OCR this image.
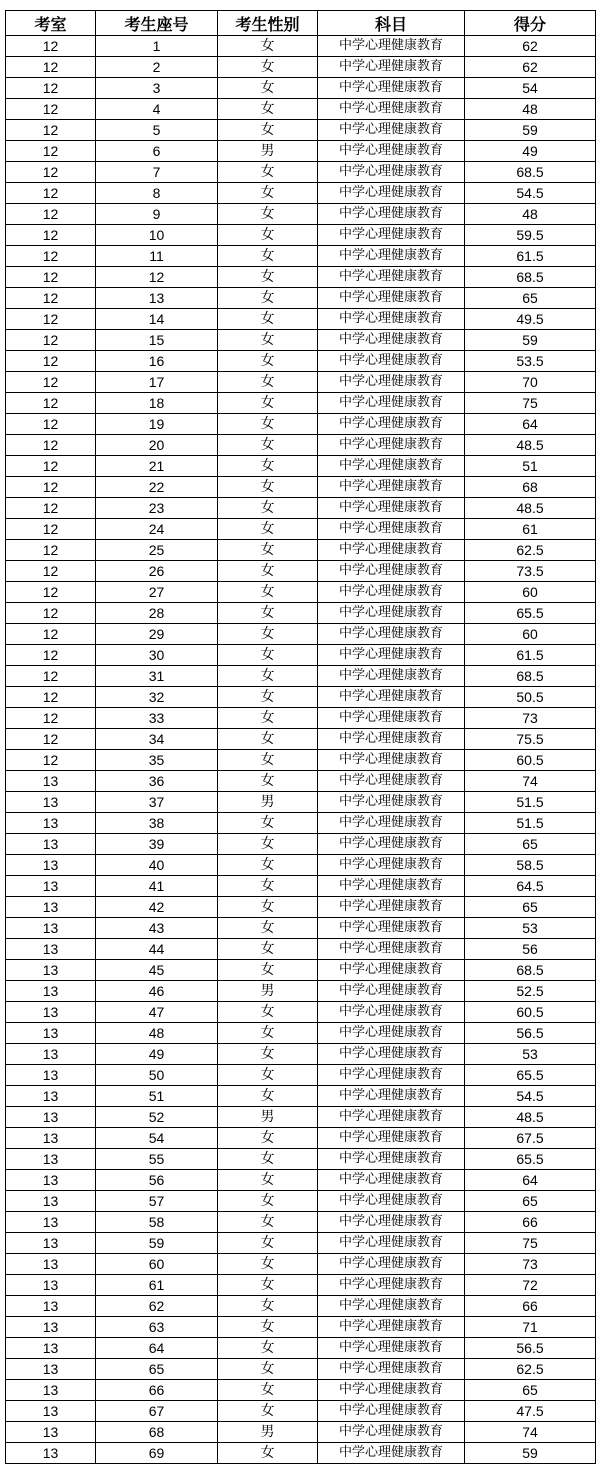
考室	考生座号	考生性别	科目	得分
12	1	女	中学心理健康教育	62
12	2	女	中学心理健康教育	62
12	3	女	中学心理健康教育	54
12	4	女	中学心理健康教育	48
12	5	女	中学心理健康教育	59
12	6	男	中学心理健康教育	49
12	7	女	中学心理健康教育	68.5
12	8	女	中学心理健康教育	54.5
12	9	女	中学心理健康教育	48
12	10	女	中学心理健康教育	59.5
12	11	女	中学心理健康教育	61.5
12	12	女	中学心理健康教育	68.5
12	13	女	中学心理健康教育	65
12	14	女	中学心理健康教育	49.5
12	15	女	中学心理健康教育	59
12	16	女	中学心理健康教育	53.5
12	17	女	中学心理健康教育	70
12	18	女	中学心理健康教育	75
12	19	女	中学心理健康教育	64
12	20	女	中学心理健康教育	48.5
12	21	女	中学心理健康教育	51
12	22	女	中学心理健康教育	68
12	23	女	中学心理健康教育	48.5
12	24	女	中学心理健康教育	61
12	25	女	中学心理健康教育	62.5
12	26	女	中学心理健康教育	73.5
12	27	女	中学心理健康教育	60
12	28	女	中学心理健康教育	65.5
12	29	女	中学心理健康教育	60
12	30	女	中学心理健康教育	61.5
12	31	女	中学心理健康教育	68.5
12	32	女	中学心理健康教育	50.5
12	33	女	中学心理健康教育	73
12	34	女	中学心理健康教育	75.5
12	35	女	中学心理健康教育	60.5
13	36	女	中学心理健康教育	74
13	37	男	中学心理健康教育	51.5
13	38	女	中学心理健康教育	51.5
13	39	女	中学心理健康教育	65
13	40	女	中学心理健康教育	58.5
13	41	女	中学心理健康教育	64.5
13	42	女	中学心理健康教育	65
13	43	女	中学心理健康教育	53
13	44	女	中学心理健康教育	56
13	45	女	中学心理健康教育	68.5
13	46	男	中学心理健康教育	52.5
13	47	女	中学心理健康教育	60.5
13	48	女	中学心理健康教育	56.5
13	49	女	中学心理健康教育	53
13	50	女	中学心理健康教育	65.5
13	51	女	中学心理健康教育	54.5
13	52	男	中学心理健康教育	48.5
13	54	女	中学心理健康教育	67.5
13	55	女	中学心理健康教育	65.5
13	56	女	中学心理健康教育	64
13	57	女	中学心理健康教育	65
13	58	女	中学心理健康教育	66
13	59	女	中学心理健康教育	75
13	60	女	中学心理健康教育	73
13	61	女	中学心理健康教育	72
13	62	女	中学心理健康教育	66
13	63	女	中学心理健康教育	71
13	64	女	中学心理健康教育	56.5
13	65	女	中学心理健康教育	62.5
13	66	女	中学心理健康教育	65
13	67	女	中学心理健康教育	47.5
13	68	男	中学心理健康教育	74
13	69	女	中学心理健康教育	59
